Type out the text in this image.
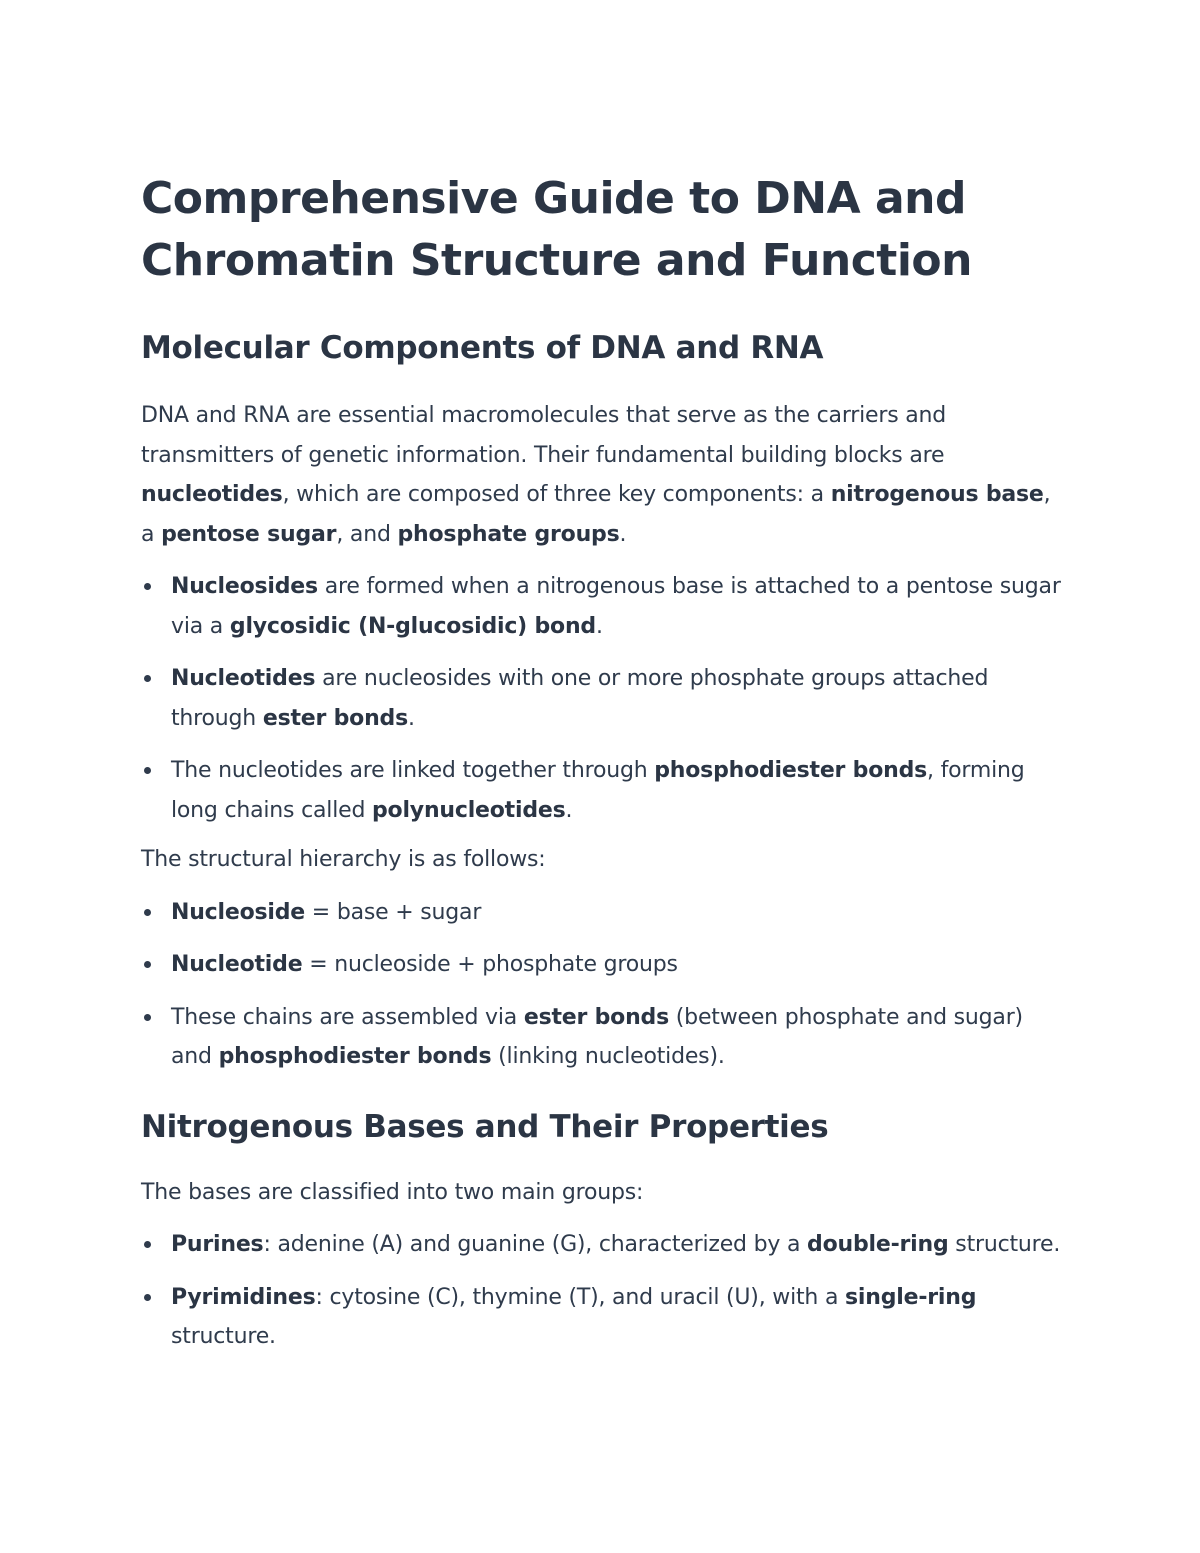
Comprehensive Guide to DNA and
Chromatin Structure and Function
Molecular Components of DNA and RNA

DNA and RNA are essential macromolecules that serve as the carriers and transmitters of genetic information. Their fundamental building blocks are nucleotides, which are composed of three key components: a nitrogenous base, a pentose sugar, and phosphate groups.

Nucleosides are formed when a nitrogenous base is attached to a pentose sugar via a glycosidic (N-glucosidic) bond.
Nucleotides are nucleosides with one or more phosphate groups attached through ester bonds.
The nucleotides are linked together through phosphodiester bonds, forming long chains called polynucleotides.

The structural hierarchy is as follows:

Nucleoside = base + sugar
Nucleotide = nucleoside + phosphate groups
These chains are assembled via ester bonds (between phosphate and sugar) and phosphodiester bonds (linking nucleotides).
Nitrogenous Bases and Their Properties

The bases are classified into two main groups:

Purines: adenine (A) and guanine (G), characterized by a double-ring structure.
Pyrimidines: cytosine (C), thymine (T), and uracil (U), with a single-ring structure.
